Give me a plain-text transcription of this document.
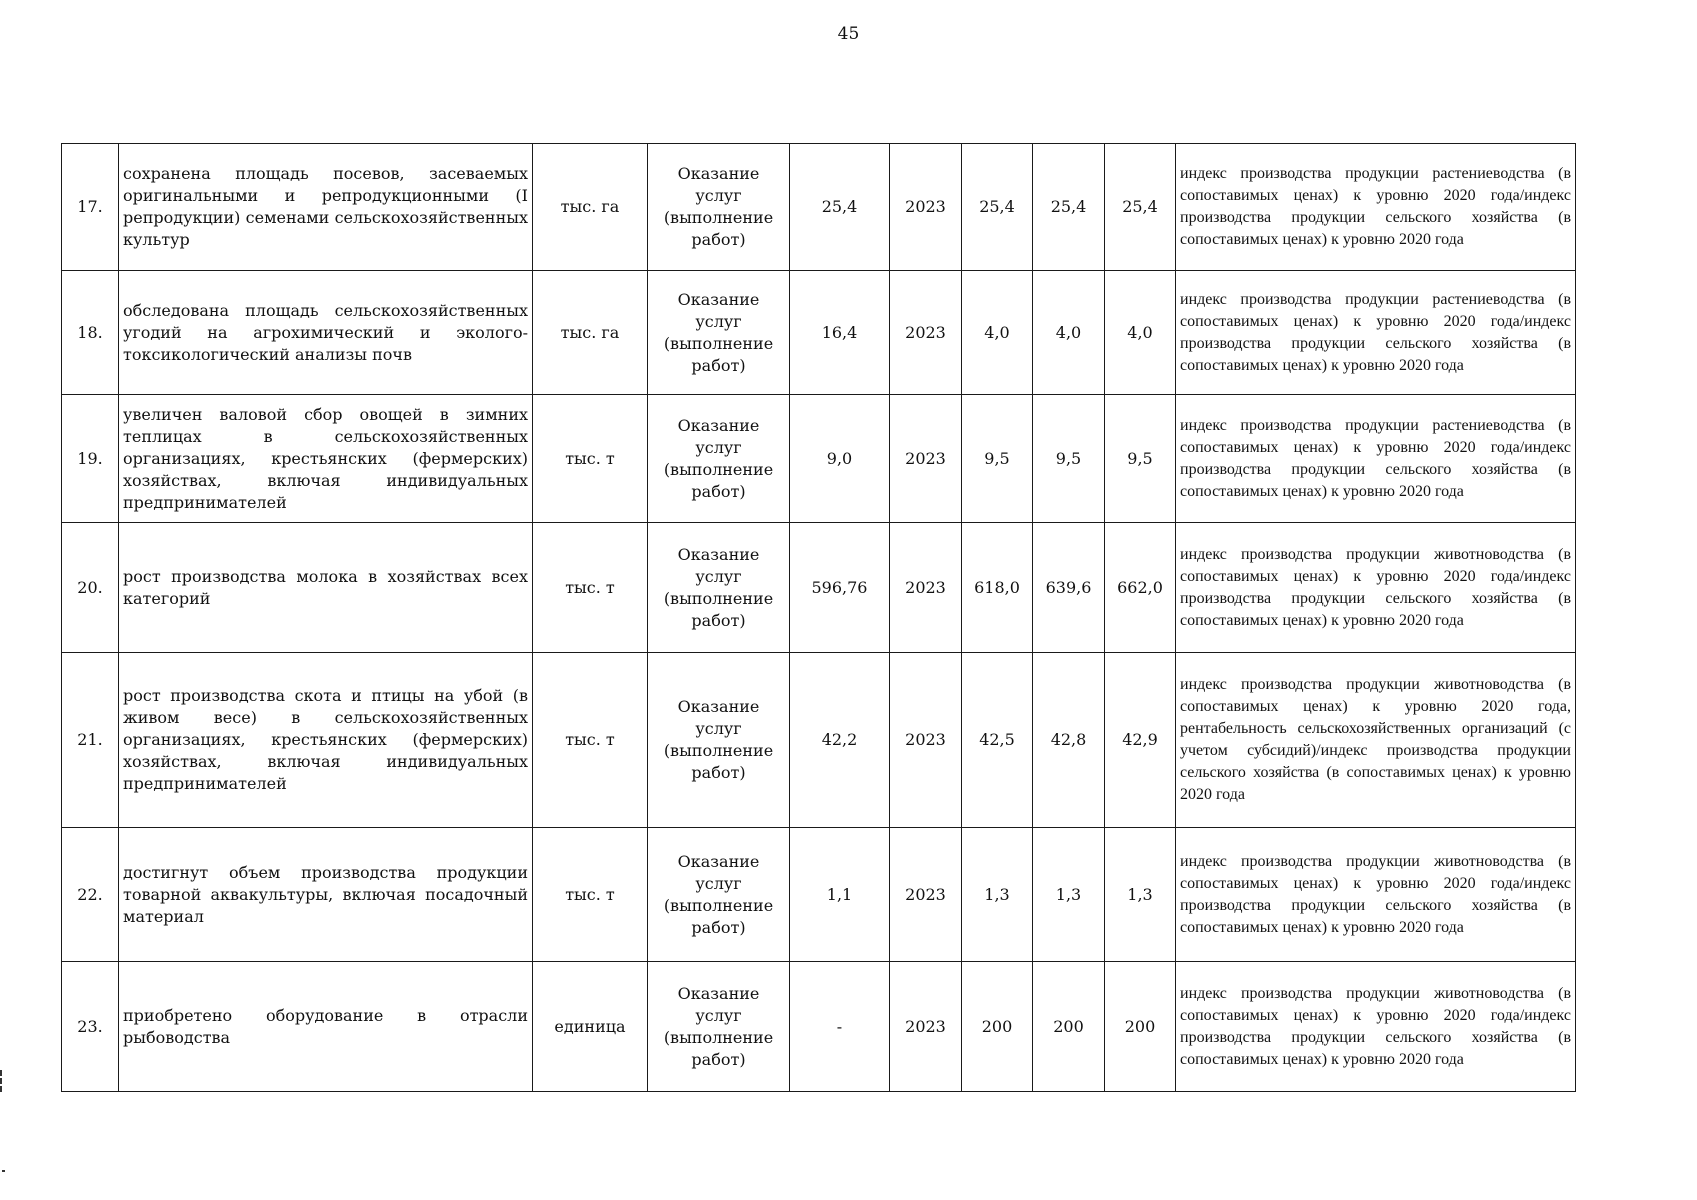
45
17.	сохранена площадь посевов, засеваемых оригинальными и репродукционными (I репродукции) семенами сельскохозяйственных культур	тыс. га	Оказание услуг (выполнение работ)	25,4	2023	25,4	25,4	25,4	индекс производства продукции растениеводства (в сопоставимых ценах) к уровню 2020 года/индекс производства продукции сельского хозяйства (в сопоставимых ценах) к уровню 2020 года
18.	обследована площадь сельскохозяйственных угодий на агрохимический и эколого-токсикологический анализы почв	тыс. га	Оказание услуг (выполнение работ)	16,4	2023	4,0	4,0	4,0	индекс производства продукции растениеводства (в сопоставимых ценах) к уровню 2020 года/индекс производства продукции сельского хозяйства (в сопоставимых ценах) к уровню 2020 года
19.	увеличен валовой сбор овощей в зимних теплицах в сельскохозяйственных организациях, крестьянских (фермерских) хозяйствах, включая индивидуальных предпринимателей	тыс. т	Оказание услуг (выполнение работ)	9,0	2023	9,5	9,5	9,5	индекс производства продукции растениеводства (в сопоставимых ценах) к уровню 2020 года/индекс производства продукции сельского хозяйства (в сопоставимых ценах) к уровню 2020 года
20.	рост производства молока в хозяйствах всех категорий	тыс. т	Оказание услуг (выполнение работ)	596,76	2023	618,0	639,6	662,0	индекс производства продукции животноводства (в сопоставимых ценах) к уровню 2020 года/индекс производства продукции сельского хозяйства (в сопоставимых ценах) к уровню 2020 года
21.	рост производства скота и птицы на убой (в живом весе) в сельскохозяйственных организациях, крестьянских (фермерских) хозяйствах, включая индивидуальных предпринимателей	тыс. т	Оказание услуг (выполнение работ)	42,2	2023	42,5	42,8	42,9	индекс производства продукции животноводства (в сопоставимых ценах) к уровню 2020 года, рентабельность сельскохозяйственных организаций (с учетом субсидий)/индекс производства продукции сельского хозяйства (в сопоставимых ценах) к уровню 2020 года
22.	достигнут объем производства продукции товарной аквакультуры, включая посадочный материал	тыс. т	Оказание услуг (выполнение работ)	1,1	2023	1,3	1,3	1,3	индекс производства продукции животноводства (в сопоставимых ценах) к уровню 2020 года/индекс производства продукции сельского хозяйства (в сопоставимых ценах) к уровню 2020 года
23.	приобретено оборудование в отрасли рыбоводства	единица	Оказание услуг (выполнение работ)	-	2023	200	200	200	индекс производства продукции животноводства (в сопоставимых ценах) к уровню 2020 года/индекс производства продукции сельского хозяйства (в сопоставимых ценах) к уровню 2020 года
